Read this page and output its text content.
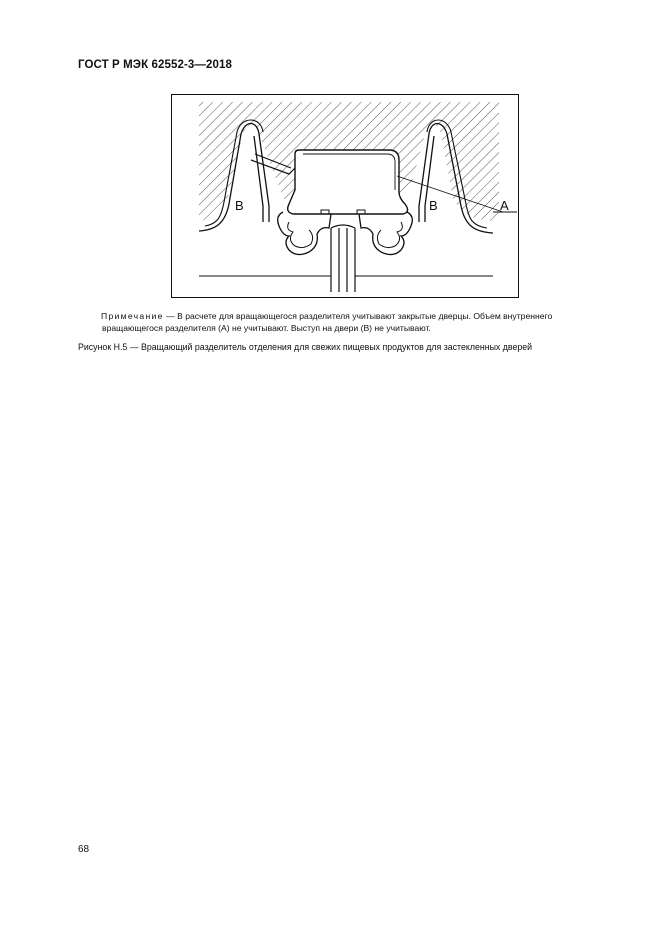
ГОСТ Р МЭК 62552-3—2018
B	B	A
Примечание — В расчете для вращающегося разделителя учитывают закрытые дверцы. Объем внутреннего
вращающегося разделителя (A) не учитывают. Выступ на двери (B) не учитывают.
Рисунок Н.5 — Вращающий разделитель отделения для свежих пищевых продуктов для застекленных дверей
68
